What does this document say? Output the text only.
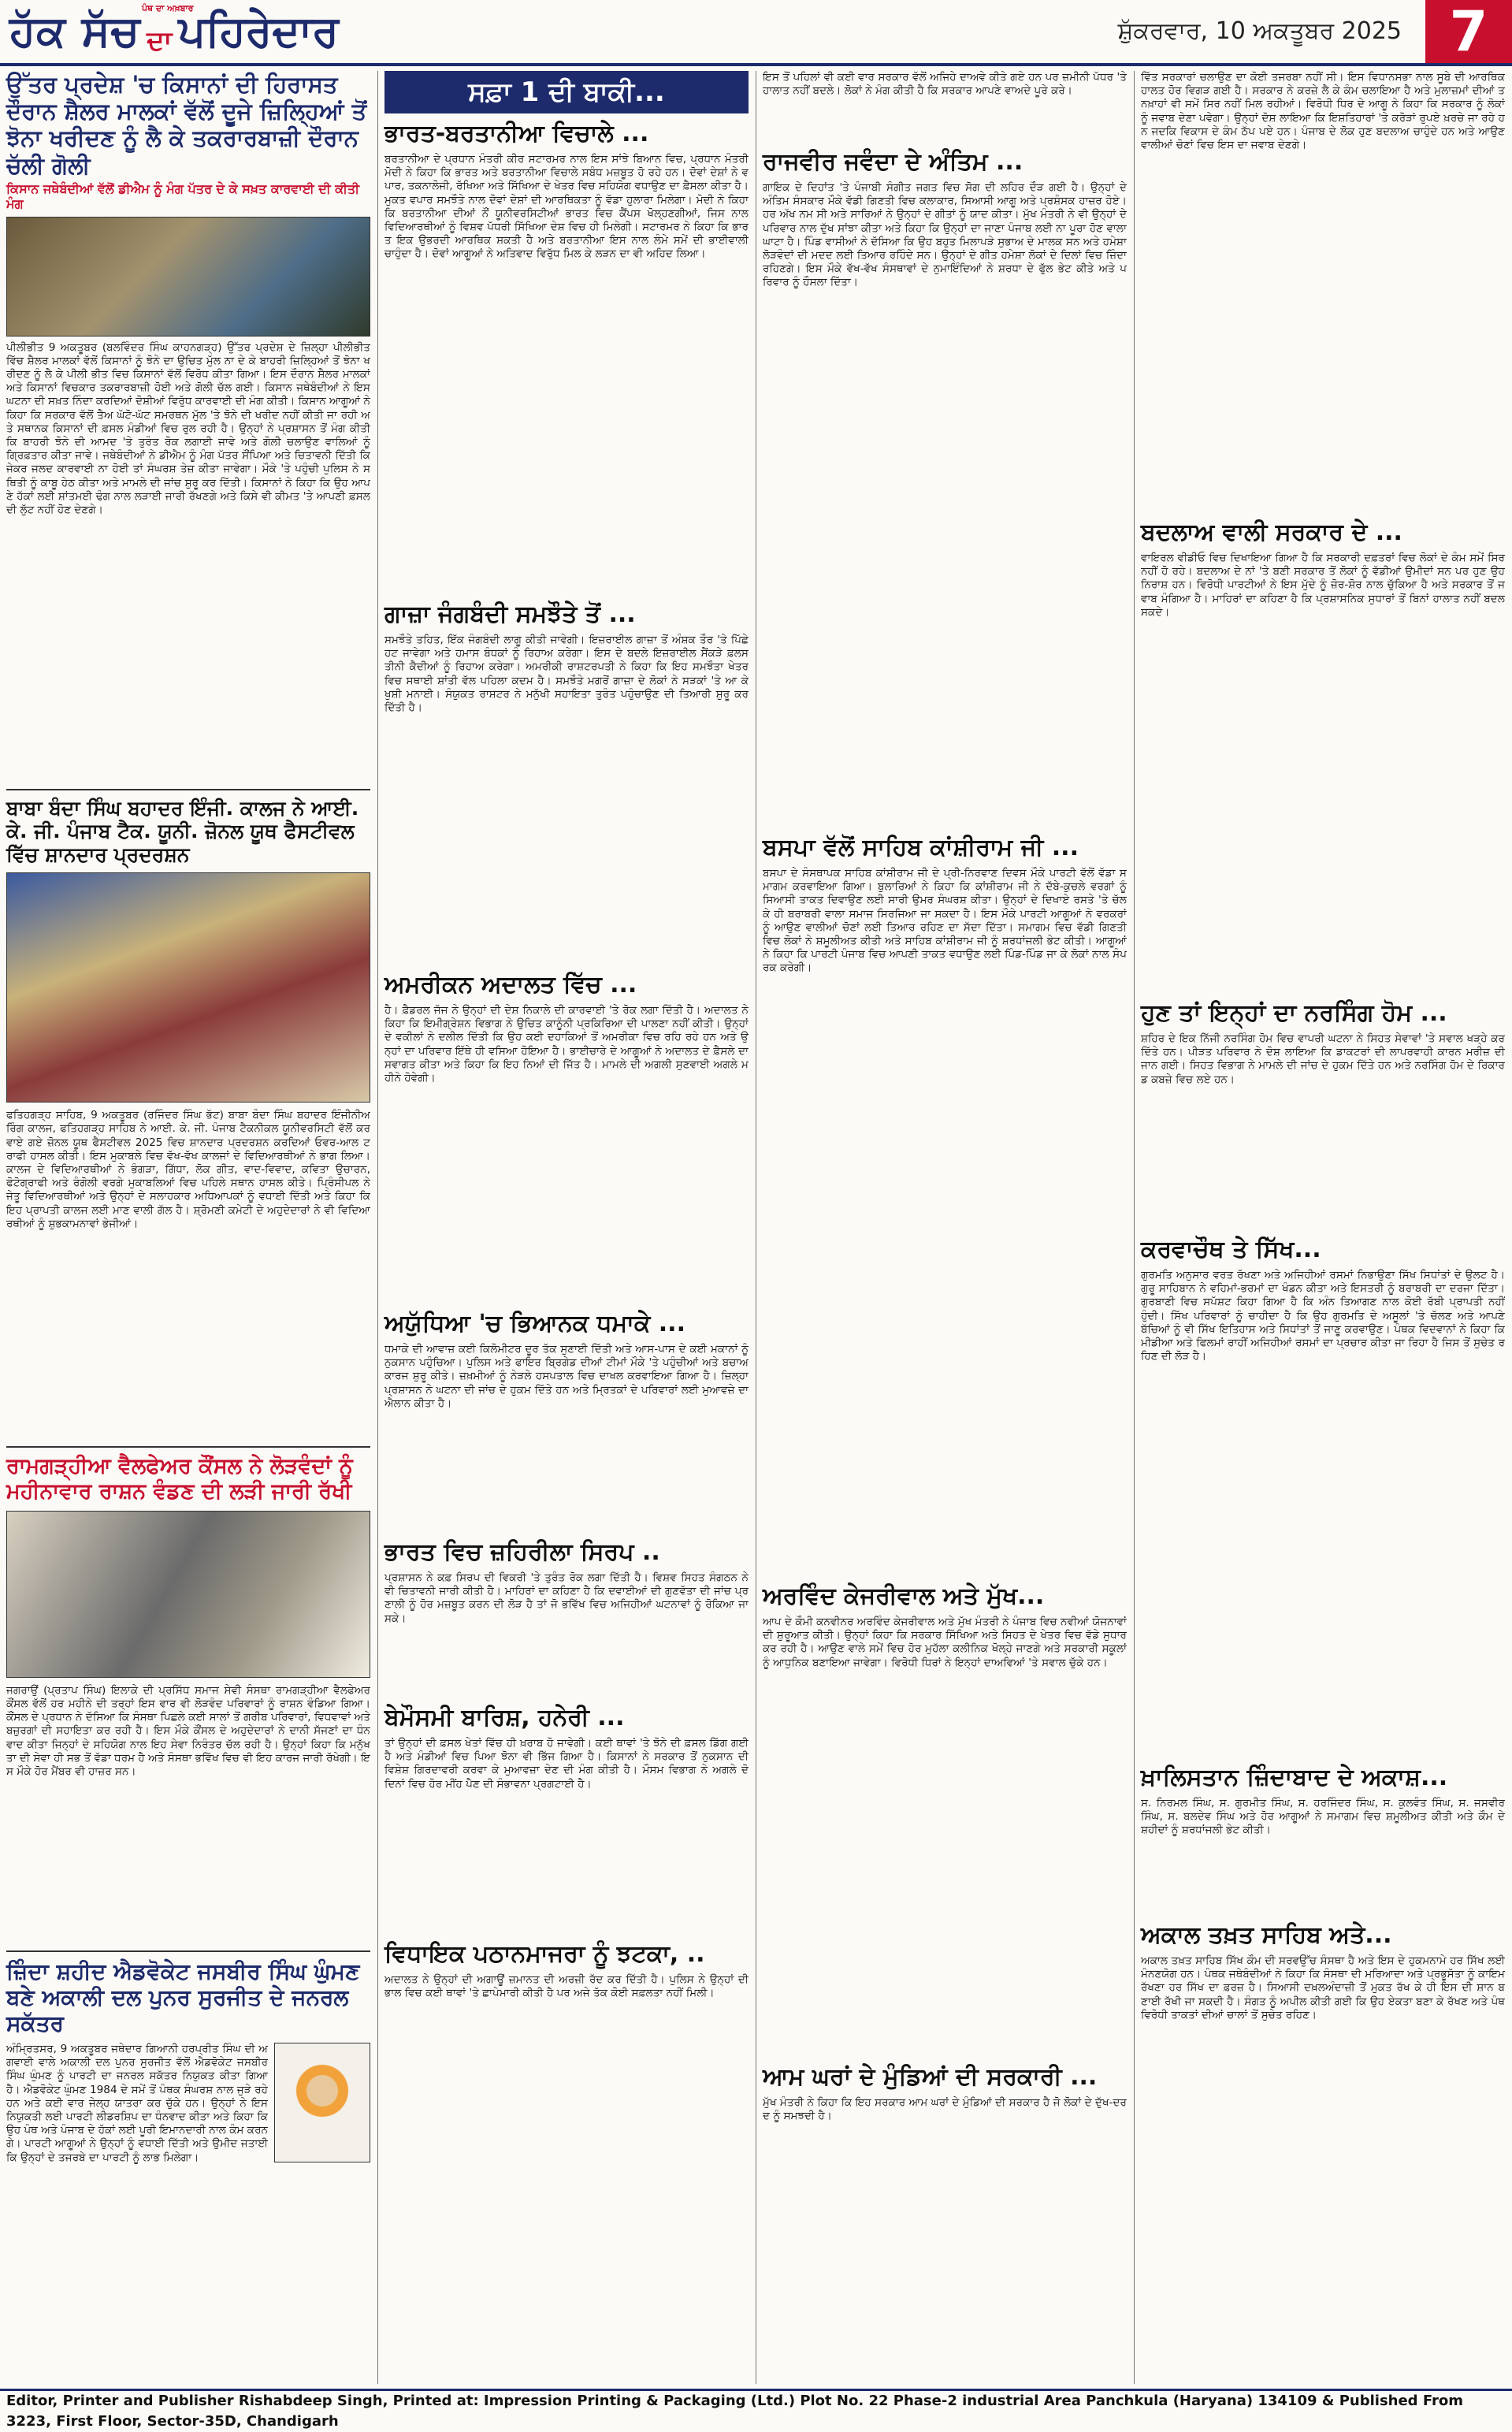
ਹੱਕ ਸੱਚ ਦਾ ਪਹਿਰੇਦਾਰ
ਪੰਥ ਦਾ ਅਖ਼ਬਾਰ
ਸ਼ੁੱਕਰਵਾਰ, 10 ਅਕਤੂਬਰ 2025 7
ਉੱਤਰ ਪ੍ਰਦੇਸ਼ 'ਚ ਕਿਸਾਨਾਂ ਦੀ ਹਿਰਾਸਤ ਦੌਰਾਨ ਸ਼ੈਲਰ ਮਾਲਕਾਂ ਵੱਲੋਂ ਦੂਜੇ ਜ਼ਿਲ੍ਹਿਆਂ ਤੋਂ ਝੋਨਾ ਖਰੀਦਣ ਨੂੰ ਲੈ ਕੇ ਤਕਰਾਰਬਾਜ਼ੀ ਦੌਰਾਨ ਚੱਲੀ ਗੋਲੀ
ਕਿਸਾਨ ਜਥੇਬੰਦੀਆਂ ਵੱਲੋਂ ਡੀਐਮ ਨੂੰ ਮੰਗ ਪੱਤਰ ਦੇ ਕੇ ਸਖ਼ਤ ਕਾਰਵਾਈ ਦੀ ਕੀਤੀ ਮੰਗ
ਪੀਲੀਭੀਤ 9 ਅਕਤੂਬਰ (ਬਲਵਿੰਦਰ ਸਿੰਘ ਕਾਹਨਗੜ੍ਹ) ਉੱਤਰ ਪ੍ਰਦੇਸ਼ ਦੇ ਜ਼ਿਲ੍ਹਾ ਪੀਲੀਭੀਤ ਵਿੱਚ ਸ਼ੈਲਰ ਮਾਲਕਾਂ ਵੱਲੋਂ ਕਿਸਾਨਾਂ ਨੂੰ ਝੋਨੇ ਦਾ ਉਚਿਤ ਮੁੱਲ ਨਾ ਦੇ ਕੇ ਬਾਹਰੀ ਜ਼ਿਲ੍ਹਿਆਂ ਤੋਂ ਝੋਨਾ ਖਰੀਦਣ ਨੂੰ ਲੈ ਕੇ ਪੀਲੀ ਭੀਤ ਵਿਚ ਕਿਸਾਨਾਂ ਵੱਲੋਂ ਵਿਰੋਧ ਕੀਤਾ ਗਿਆ। ਇਸ ਦੌਰਾਨ ਸ਼ੈਲਰ ਮਾਲਕਾਂ ਅਤੇ ਕਿਸਾਨਾਂ ਵਿਚਕਾਰ ਤਕਰਾਰਬਾਜ਼ੀ ਹੋਈ ਅਤੇ ਗੋਲੀ ਚੱਲ ਗਈ। ਕਿਸਾਨ ਜਥੇਬੰਦੀਆਂ ਨੇ ਇਸ ਘਟਨਾ ਦੀ ਸਖ਼ਤ ਨਿੰਦਾ ਕਰਦਿਆਂ ਦੋਸ਼ੀਆਂ ਵਿਰੁੱਧ ਕਾਰਵਾਈ ਦੀ ਮੰਗ ਕੀਤੀ। ਕਿਸਾਨ ਆਗੂਆਂ ਨੇ ਕਿਹਾ ਕਿ ਸਰਕਾਰ ਵੱਲੋਂ ਤੈਅ ਘੱਟੋ-ਘੱਟ ਸਮਰਥਨ ਮੁੱਲ 'ਤੇ ਝੋਨੇ ਦੀ ਖਰੀਦ ਨਹੀਂ ਕੀਤੀ ਜਾ ਰਹੀ ਅਤੇ ਸਥਾਨਕ ਕਿਸਾਨਾਂ ਦੀ ਫ਼ਸਲ ਮੰਡੀਆਂ ਵਿਚ ਰੁਲ ਰਹੀ ਹੈ। ਉਨ੍ਹਾਂ ਨੇ ਪ੍ਰਸ਼ਾਸਨ ਤੋਂ ਮੰਗ ਕੀਤੀ ਕਿ ਬਾਹਰੀ ਝੋਨੇ ਦੀ ਆਮਦ 'ਤੇ ਤੁਰੰਤ ਰੋਕ ਲਗਾਈ ਜਾਵੇ ਅਤੇ ਗੋਲੀ ਚਲਾਉਣ ਵਾਲਿਆਂ ਨੂੰ ਗ੍ਰਿਫ਼ਤਾਰ ਕੀਤਾ ਜਾਵੇ। ਜਥੇਬੰਦੀਆਂ ਨੇ ਡੀਐਮ ਨੂੰ ਮੰਗ ਪੱਤਰ ਸੌਂਪਿਆ ਅਤੇ ਚਿਤਾਵਨੀ ਦਿੱਤੀ ਕਿ ਜੇਕਰ ਜਲਦ ਕਾਰਵਾਈ ਨਾ ਹੋਈ ਤਾਂ ਸੰਘਰਸ਼ ਤੇਜ਼ ਕੀਤਾ ਜਾਵੇਗਾ। ਮੌਕੇ 'ਤੇ ਪਹੁੰਚੀ ਪੁਲਿਸ ਨੇ ਸਥਿਤੀ ਨੂੰ ਕਾਬੂ ਹੇਠ ਕੀਤਾ ਅਤੇ ਮਾਮਲੇ ਦੀ ਜਾਂਚ ਸ਼ੁਰੂ ਕਰ ਦਿੱਤੀ। ਕਿਸਾਨਾਂ ਨੇ ਕਿਹਾ ਕਿ ਉਹ ਆਪਣੇ ਹੱਕਾਂ ਲਈ ਸ਼ਾਂਤਮਈ ਢੰਗ ਨਾਲ ਲੜਾਈ ਜਾਰੀ ਰੱਖਣਗੇ ਅਤੇ ਕਿਸੇ ਵੀ ਕੀਮਤ 'ਤੇ ਆਪਣੀ ਫ਼ਸਲ ਦੀ ਲੁੱਟ ਨਹੀਂ ਹੋਣ ਦੇਣਗੇ।
ਬਾਬਾ ਬੰਦਾ ਸਿੰਘ ਬਹਾਦਰ ਇੰਜੀ. ਕਾਲਜ ਨੇ ਆਈ. ਕੇ. ਜੀ. ਪੰਜਾਬ ਟੈਕ. ਯੂਨੀ. ਜ਼ੋਨਲ ਯੂਥ ਫੈਸਟੀਵਲ ਵਿੱਚ ਸ਼ਾਨਦਾਰ ਪ੍ਰਦਰਸ਼ਨ
ਫਤਿਹਗੜ੍ਹ ਸਾਹਿਬ, 9 ਅਕਤੂਬਰ (ਰਜਿੰਦਰ ਸਿੰਘ ਭੱਟ) ਬਾਬਾ ਬੰਦਾ ਸਿੰਘ ਬਹਾਦਰ ਇੰਜੀਨੀਅਰਿੰਗ ਕਾਲਜ, ਫਤਿਹਗੜ੍ਹ ਸਾਹਿਬ ਨੇ ਆਈ. ਕੇ. ਜੀ. ਪੰਜਾਬ ਟੈਕਨੀਕਲ ਯੂਨੀਵਰਸਿਟੀ ਵੱਲੋਂ ਕਰਵਾਏ ਗਏ ਜ਼ੋਨਲ ਯੂਥ ਫੈਸਟੀਵਲ 2025 ਵਿਚ ਸ਼ਾਨਦਾਰ ਪ੍ਰਦਰਸ਼ਨ ਕਰਦਿਆਂ ਓਵਰ-ਆਲ ਟਰਾਫੀ ਹਾਸਲ ਕੀਤੀ। ਇਸ ਮੁਕਾਬਲੇ ਵਿਚ ਵੱਖ-ਵੱਖ ਕਾਲਜਾਂ ਦੇ ਵਿਦਿਆਰਥੀਆਂ ਨੇ ਭਾਗ ਲਿਆ। ਕਾਲਜ ਦੇ ਵਿਦਿਆਰਥੀਆਂ ਨੇ ਭੰਗੜਾ, ਗਿੱਧਾ, ਲੋਕ ਗੀਤ, ਵਾਦ-ਵਿਵਾਦ, ਕਵਿਤਾ ਉਚਾਰਨ, ਫੋਟੋਗ੍ਰਾਫੀ ਅਤੇ ਰੰਗੋਲੀ ਵਰਗੇ ਮੁਕਾਬਲਿਆਂ ਵਿਚ ਪਹਿਲੇ ਸਥਾਨ ਹਾਸਲ ਕੀਤੇ। ਪ੍ਰਿੰਸੀਪਲ ਨੇ ਜੇਤੂ ਵਿਦਿਆਰਥੀਆਂ ਅਤੇ ਉਨ੍ਹਾਂ ਦੇ ਸਲਾਹਕਾਰ ਅਧਿਆਪਕਾਂ ਨੂੰ ਵਧਾਈ ਦਿੱਤੀ ਅਤੇ ਕਿਹਾ ਕਿ ਇਹ ਪ੍ਰਾਪਤੀ ਕਾਲਜ ਲਈ ਮਾਣ ਵਾਲੀ ਗੱਲ ਹੈ। ਸ਼੍ਰੋਮਣੀ ਕਮੇਟੀ ਦੇ ਅਹੁਦੇਦਾਰਾਂ ਨੇ ਵੀ ਵਿਦਿਆਰਥੀਆਂ ਨੂੰ ਸ਼ੁਭਕਾਮਨਾਵਾਂ ਭੇਜੀਆਂ।
ਰਾਮਗੜ੍ਹੀਆ ਵੈਲਫੇਅਰ ਕੌਂਸਲ ਨੇ ਲੋੜਵੰਦਾਂ ਨੂੰ ਮਹੀਨਾਵਾਰ ਰਾਸ਼ਨ ਵੰਡਣ ਦੀ ਲੜੀ ਜਾਰੀ ਰੱਖੀ
ਜਗਰਾਉਂ (ਪ੍ਰਤਾਪ ਸਿੰਘ) ਇਲਾਕੇ ਦੀ ਪ੍ਰਸਿੱਧ ਸਮਾਜ ਸੇਵੀ ਸੰਸਥਾ ਰਾਮਗੜ੍ਹੀਆ ਵੈਲਫੇਅਰ ਕੌਂਸਲ ਵੱਲੋਂ ਹਰ ਮਹੀਨੇ ਦੀ ਤਰ੍ਹਾਂ ਇਸ ਵਾਰ ਵੀ ਲੋੜਵੰਦ ਪਰਿਵਾਰਾਂ ਨੂੰ ਰਾਸ਼ਨ ਵੰਡਿਆ ਗਿਆ। ਕੌਂਸਲ ਦੇ ਪ੍ਰਧਾਨ ਨੇ ਦੱਸਿਆ ਕਿ ਸੰਸਥਾ ਪਿਛਲੇ ਕਈ ਸਾਲਾਂ ਤੋਂ ਗਰੀਬ ਪਰਿਵਾਰਾਂ, ਵਿਧਵਾਵਾਂ ਅਤੇ ਬਜ਼ੁਰਗਾਂ ਦੀ ਸਹਾਇਤਾ ਕਰ ਰਹੀ ਹੈ। ਇਸ ਮੌਕੇ ਕੌਂਸਲ ਦੇ ਅਹੁਦੇਦਾਰਾਂ ਨੇ ਦਾਨੀ ਸੱਜਣਾਂ ਦਾ ਧੰਨਵਾਦ ਕੀਤਾ ਜਿਨ੍ਹਾਂ ਦੇ ਸਹਿਯੋਗ ਨਾਲ ਇਹ ਸੇਵਾ ਨਿਰੰਤਰ ਚੱਲ ਰਹੀ ਹੈ। ਉਨ੍ਹਾਂ ਕਿਹਾ ਕਿ ਮਨੁੱਖਤਾ ਦੀ ਸੇਵਾ ਹੀ ਸਭ ਤੋਂ ਵੱਡਾ ਧਰਮ ਹੈ ਅਤੇ ਸੰਸਥਾ ਭਵਿੱਖ ਵਿਚ ਵੀ ਇਹ ਕਾਰਜ ਜਾਰੀ ਰੱਖੇਗੀ। ਇਸ ਮੌਕੇ ਹੋਰ ਮੈਂਬਰ ਵੀ ਹਾਜ਼ਰ ਸਨ।
ਜ਼ਿੰਦਾ ਸ਼ਹੀਦ ਐਡਵੋਕੇਟ ਜਸਬੀਰ ਸਿੰਘ ਘੁੰਮਣ ਬਣੇ ਅਕਾਲੀ ਦਲ ਪੁਨਰ ਸੁਰਜੀਤ ਦੇ ਜਨਰਲ ਸਕੱਤਰ
ਅੰਮ੍ਰਿਤਸਰ, 9 ਅਕਤੂਬਰ ਜਥੇਦਾਰ ਗਿਆਨੀ ਹਰਪ੍ਰੀਤ ਸਿੰਘ ਦੀ ਅਗਵਾਈ ਵਾਲੇ ਅਕਾਲੀ ਦਲ ਪੁਨਰ ਸੁਰਜੀਤ ਵੱਲੋਂ ਐਡਵੋਕੇਟ ਜਸਬੀਰ ਸਿੰਘ ਘੁੰਮਣ ਨੂੰ ਪਾਰਟੀ ਦਾ ਜਨਰਲ ਸਕੱਤਰ ਨਿਯੁਕਤ ਕੀਤਾ ਗਿਆ ਹੈ। ਐਡਵੋਕੇਟ ਘੁੰਮਣ 1984 ਦੇ ਸਮੇਂ ਤੋਂ ਪੰਥਕ ਸੰਘਰਸ਼ ਨਾਲ ਜੁੜੇ ਰਹੇ ਹਨ ਅਤੇ ਕਈ ਵਾਰ ਜੇਲ੍ਹ ਯਾਤਰਾ ਕਰ ਚੁੱਕੇ ਹਨ। ਉਨ੍ਹਾਂ ਨੇ ਇਸ ਨਿਯੁਕਤੀ ਲਈ ਪਾਰਟੀ ਲੀਡਰਸ਼ਿਪ ਦਾ ਧੰਨਵਾਦ ਕੀਤਾ ਅਤੇ ਕਿਹਾ ਕਿ ਉਹ ਪੰਥ ਅਤੇ ਪੰਜਾਬ ਦੇ ਹੱਕਾਂ ਲਈ ਪੂਰੀ ਇਮਾਨਦਾਰੀ ਨਾਲ ਕੰਮ ਕਰਨਗੇ। ਪਾਰਟੀ ਆਗੂਆਂ ਨੇ ਉਨ੍ਹਾਂ ਨੂੰ ਵਧਾਈ ਦਿੱਤੀ ਅਤੇ ਉਮੀਦ ਜਤਾਈ ਕਿ ਉਨ੍ਹਾਂ ਦੇ ਤਜਰਬੇ ਦਾ ਪਾਰਟੀ ਨੂੰ ਲਾਭ ਮਿਲੇਗਾ।
ਸਫ਼ਾ 1 ਦੀ ਬਾਕੀ...
ਭਾਰਤ-ਬਰਤਾਨੀਆ ਵਿਚਾਲੇ ...
ਬਰਤਾਨੀਆ ਦੇ ਪ੍ਰਧਾਨ ਮੰਤਰੀ ਕੀਰ ਸਟਾਰਮਰ ਨਾਲ ਇਸ ਸਾਂਝੇ ਬਿਆਨ ਵਿਚ, ਪ੍ਰਧਾਨ ਮੰਤਰੀ ਮੋਦੀ ਨੇ ਕਿਹਾ ਕਿ ਭਾਰਤ ਅਤੇ ਬਰਤਾਨੀਆ ਵਿਚਾਲੇ ਸਬੰਧ ਮਜ਼ਬੂਤ ਹੋ ਰਹੇ ਹਨ। ਦੋਵਾਂ ਦੇਸ਼ਾਂ ਨੇ ਵਪਾਰ, ਤਕਨਾਲੋਜੀ, ਰੱਖਿਆ ਅਤੇ ਸਿੱਖਿਆ ਦੇ ਖੇਤਰ ਵਿਚ ਸਹਿਯੋਗ ਵਧਾਉਣ ਦਾ ਫ਼ੈਸਲਾ ਕੀਤਾ ਹੈ। ਮੁਕਤ ਵਪਾਰ ਸਮਝੌਤੇ ਨਾਲ ਦੋਵਾਂ ਦੇਸ਼ਾਂ ਦੀ ਆਰਥਿਕਤਾ ਨੂੰ ਵੱਡਾ ਹੁਲਾਰਾ ਮਿਲੇਗਾ। ਮੋਦੀ ਨੇ ਕਿਹਾ ਕਿ ਬਰਤਾਨੀਆ ਦੀਆਂ ਨੌਂ ਯੂਨੀਵਰਸਿਟੀਆਂ ਭਾਰਤ ਵਿਚ ਕੈਂਪਸ ਖੋਲ੍ਹਣਗੀਆਂ, ਜਿਸ ਨਾਲ ਵਿਦਿਆਰਥੀਆਂ ਨੂੰ ਵਿਸ਼ਵ ਪੱਧਰੀ ਸਿੱਖਿਆ ਦੇਸ਼ ਵਿਚ ਹੀ ਮਿਲੇਗੀ। ਸਟਾਰਮਰ ਨੇ ਕਿਹਾ ਕਿ ਭਾਰਤ ਇਕ ਉਭਰਦੀ ਆਰਥਿਕ ਸ਼ਕਤੀ ਹੈ ਅਤੇ ਬਰਤਾਨੀਆ ਇਸ ਨਾਲ ਲੰਮੇ ਸਮੇਂ ਦੀ ਭਾਈਵਾਲੀ ਚਾਹੁੰਦਾ ਹੈ। ਦੋਵਾਂ ਆਗੂਆਂ ਨੇ ਅਤਿਵਾਦ ਵਿਰੁੱਧ ਮਿਲ ਕੇ ਲੜਨ ਦਾ ਵੀ ਅਹਿਦ ਲਿਆ।
ਗਾਜ਼ਾ ਜੰਗਬੰਦੀ ਸਮਝੌਤੇ ਤੋਂ ...
ਸਮਝੌਤੇ ਤਹਿਤ, ਇੱਕ ਜੰਗਬੰਦੀ ਲਾਗੂ ਕੀਤੀ ਜਾਵੇਗੀ। ਇਜ਼ਰਾਈਲ ਗਾਜ਼ਾ ਤੋਂ ਅੰਸ਼ਕ ਤੌਰ 'ਤੇ ਪਿੱਛੇ ਹਟ ਜਾਵੇਗਾ ਅਤੇ ਹਮਾਸ ਬੰਧਕਾਂ ਨੂੰ ਰਿਹਾਅ ਕਰੇਗਾ। ਇਸ ਦੇ ਬਦਲੇ ਇਜ਼ਰਾਈਲ ਸੈਂਕੜੇ ਫ਼ਲਸਤੀਨੀ ਕੈਦੀਆਂ ਨੂੰ ਰਿਹਾਅ ਕਰੇਗਾ। ਅਮਰੀਕੀ ਰਾਸ਼ਟਰਪਤੀ ਨੇ ਕਿਹਾ ਕਿ ਇਹ ਸਮਝੌਤਾ ਖੇਤਰ ਵਿਚ ਸਥਾਈ ਸ਼ਾਂਤੀ ਵੱਲ ਪਹਿਲਾ ਕਦਮ ਹੈ। ਸਮਝੌਤੇ ਮਗਰੋਂ ਗਾਜ਼ਾ ਦੇ ਲੋਕਾਂ ਨੇ ਸੜਕਾਂ 'ਤੇ ਆ ਕੇ ਖੁਸ਼ੀ ਮਨਾਈ। ਸੰਯੁਕਤ ਰਾਸ਼ਟਰ ਨੇ ਮਨੁੱਖੀ ਸਹਾਇਤਾ ਤੁਰੰਤ ਪਹੁੰਚਾਉਣ ਦੀ ਤਿਆਰੀ ਸ਼ੁਰੂ ਕਰ ਦਿੱਤੀ ਹੈ।
ਅਮਰੀਕਨ ਅਦਾਲਤ ਵਿੱਚ ...
ਹੈ। ਫ਼ੈਡਰਲ ਜੱਜ ਨੇ ਉਨ੍ਹਾਂ ਦੀ ਦੇਸ਼ ਨਿਕਾਲੇ ਦੀ ਕਾਰਵਾਈ 'ਤੇ ਰੋਕ ਲਗਾ ਦਿੱਤੀ ਹੈ। ਅਦਾਲਤ ਨੇ ਕਿਹਾ ਕਿ ਇਮੀਗ੍ਰੇਸ਼ਨ ਵਿਭਾਗ ਨੇ ਉਚਿਤ ਕਾਨੂੰਨੀ ਪ੍ਰਕਿਰਿਆ ਦੀ ਪਾਲਣਾ ਨਹੀਂ ਕੀਤੀ। ਉਨ੍ਹਾਂ ਦੇ ਵਕੀਲਾਂ ਨੇ ਦਲੀਲ ਦਿੱਤੀ ਕਿ ਉਹ ਕਈ ਦਹਾਕਿਆਂ ਤੋਂ ਅਮਰੀਕਾ ਵਿਚ ਰਹਿ ਰਹੇ ਹਨ ਅਤੇ ਉਨ੍ਹਾਂ ਦਾ ਪਰਿਵਾਰ ਇੱਥੇ ਹੀ ਵਸਿਆ ਹੋਇਆ ਹੈ। ਭਾਈਚਾਰੇ ਦੇ ਆਗੂਆਂ ਨੇ ਅਦਾਲਤ ਦੇ ਫ਼ੈਸਲੇ ਦਾ ਸਵਾਗਤ ਕੀਤਾ ਅਤੇ ਕਿਹਾ ਕਿ ਇਹ ਨਿਆਂ ਦੀ ਜਿੱਤ ਹੈ। ਮਾਮਲੇ ਦੀ ਅਗਲੀ ਸੁਣਵਾਈ ਅਗਲੇ ਮਹੀਨੇ ਹੋਵੇਗੀ।
ਅਯੁੱਧਿਆ 'ਚ ਭਿਆਨਕ ਧਮਾਕੇ ...
ਧਮਾਕੇ ਦੀ ਆਵਾਜ਼ ਕਈ ਕਿਲੋਮੀਟਰ ਦੂਰ ਤੱਕ ਸੁਣਾਈ ਦਿੱਤੀ ਅਤੇ ਆਸ-ਪਾਸ ਦੇ ਕਈ ਮਕਾਨਾਂ ਨੂੰ ਨੁਕਸਾਨ ਪਹੁੰਚਿਆ। ਪੁਲਿਸ ਅਤੇ ਫਾਇਰ ਬ੍ਰਿਗੇਡ ਦੀਆਂ ਟੀਮਾਂ ਮੌਕੇ 'ਤੇ ਪਹੁੰਚੀਆਂ ਅਤੇ ਬਚਾਅ ਕਾਰਜ ਸ਼ੁਰੂ ਕੀਤੇ। ਜ਼ਖ਼ਮੀਆਂ ਨੂੰ ਨੇੜਲੇ ਹਸਪਤਾਲ ਵਿਚ ਦਾਖਲ ਕਰਵਾਇਆ ਗਿਆ ਹੈ। ਜ਼ਿਲ੍ਹਾ ਪ੍ਰਸ਼ਾਸਨ ਨੇ ਘਟਨਾ ਦੀ ਜਾਂਚ ਦੇ ਹੁਕਮ ਦਿੱਤੇ ਹਨ ਅਤੇ ਮ੍ਰਿਤਕਾਂ ਦੇ ਪਰਿਵਾਰਾਂ ਲਈ ਮੁਆਵਜ਼ੇ ਦਾ ਐਲਾਨ ਕੀਤਾ ਹੈ।
ਭਾਰਤ ਵਿਚ ਜ਼ਹਿਰੀਲਾ ਸਿਰਪ ..
ਪ੍ਰਸ਼ਾਸਨ ਨੇ ਕਫ਼ ਸਿਰਪ ਦੀ ਵਿਕਰੀ 'ਤੇ ਤੁਰੰਤ ਰੋਕ ਲਗਾ ਦਿੱਤੀ ਹੈ। ਵਿਸ਼ਵ ਸਿਹਤ ਸੰਗਠਨ ਨੇ ਵੀ ਚਿਤਾਵਨੀ ਜਾਰੀ ਕੀਤੀ ਹੈ। ਮਾਹਿਰਾਂ ਦਾ ਕਹਿਣਾ ਹੈ ਕਿ ਦਵਾਈਆਂ ਦੀ ਗੁਣਵੱਤਾ ਦੀ ਜਾਂਚ ਪ੍ਰਣਾਲੀ ਨੂੰ ਹੋਰ ਮਜ਼ਬੂਤ ਕਰਨ ਦੀ ਲੋੜ ਹੈ ਤਾਂ ਜੋ ਭਵਿੱਖ ਵਿਚ ਅਜਿਹੀਆਂ ਘਟਨਾਵਾਂ ਨੂੰ ਰੋਕਿਆ ਜਾ ਸਕੇ।
ਬੇਮੌਸਮੀ ਬਾਰਿਸ਼, ਹਨੇਰੀ ...
ਤਾਂ ਉਨ੍ਹਾਂ ਦੀ ਫ਼ਸਲ ਖੇਤਾਂ ਵਿੱਚ ਹੀ ਖ਼ਰਾਬ ਹੋ ਜਾਵੇਗੀ। ਕਈ ਥਾਵਾਂ 'ਤੇ ਝੋਨੇ ਦੀ ਫ਼ਸਲ ਡਿੱਗ ਗਈ ਹੈ ਅਤੇ ਮੰਡੀਆਂ ਵਿਚ ਪਿਆ ਝੋਨਾ ਵੀ ਭਿੱਜ ਗਿਆ ਹੈ। ਕਿਸਾਨਾਂ ਨੇ ਸਰਕਾਰ ਤੋਂ ਨੁਕਸਾਨ ਦੀ ਵਿਸ਼ੇਸ਼ ਗਿਰਦਾਵਰੀ ਕਰਵਾ ਕੇ ਮੁਆਵਜ਼ਾ ਦੇਣ ਦੀ ਮੰਗ ਕੀਤੀ ਹੈ। ਮੌਸਮ ਵਿਭਾਗ ਨੇ ਅਗਲੇ ਦੋ ਦਿਨਾਂ ਵਿਚ ਹੋਰ ਮੀਂਹ ਪੈਣ ਦੀ ਸੰਭਾਵਨਾ ਪ੍ਰਗਟਾਈ ਹੈ।
ਵਿਧਾਇਕ ਪਠਾਨਮਾਜਰਾ ਨੂੰ ਝਟਕਾ, ..
ਅਦਾਲਤ ਨੇ ਉਨ੍ਹਾਂ ਦੀ ਅਗਾਊਂ ਜ਼ਮਾਨਤ ਦੀ ਅਰਜ਼ੀ ਰੱਦ ਕਰ ਦਿੱਤੀ ਹੈ। ਪੁਲਿਸ ਨੇ ਉਨ੍ਹਾਂ ਦੀ ਭਾਲ ਵਿਚ ਕਈ ਥਾਵਾਂ 'ਤੇ ਛਾਪੇਮਾਰੀ ਕੀਤੀ ਹੈ ਪਰ ਅਜੇ ਤੱਕ ਕੋਈ ਸਫ਼ਲਤਾ ਨਹੀਂ ਮਿਲੀ।
ਇਸ ਤੋਂ ਪਹਿਲਾਂ ਵੀ ਕਈ ਵਾਰ ਸਰਕਾਰ ਵੱਲੋਂ ਅਜਿਹੇ ਦਾਅਵੇ ਕੀਤੇ ਗਏ ਹਨ ਪਰ ਜ਼ਮੀਨੀ ਪੱਧਰ 'ਤੇ ਹਾਲਾਤ ਨਹੀਂ ਬਦਲੇ। ਲੋਕਾਂ ਨੇ ਮੰਗ ਕੀਤੀ ਹੈ ਕਿ ਸਰਕਾਰ ਆਪਣੇ ਵਾਅਦੇ ਪੂਰੇ ਕਰੇ।
ਰਾਜਵੀਰ ਜਵੰਦਾ ਦੇ ਅੰਤਿਮ ...
ਗਾਇਕ ਦੇ ਦਿਹਾਂਤ 'ਤੇ ਪੰਜਾਬੀ ਸੰਗੀਤ ਜਗਤ ਵਿਚ ਸੋਗ ਦੀ ਲਹਿਰ ਦੌੜ ਗਈ ਹੈ। ਉਨ੍ਹਾਂ ਦੇ ਅੰਤਿਮ ਸੰਸਕਾਰ ਮੌਕੇ ਵੱਡੀ ਗਿਣਤੀ ਵਿਚ ਕਲਾਕਾਰ, ਸਿਆਸੀ ਆਗੂ ਅਤੇ ਪ੍ਰਸ਼ੰਸਕ ਹਾਜ਼ਰ ਹੋਏ। ਹਰ ਅੱਖ ਨਮ ਸੀ ਅਤੇ ਸਾਰਿਆਂ ਨੇ ਉਨ੍ਹਾਂ ਦੇ ਗੀਤਾਂ ਨੂੰ ਯਾਦ ਕੀਤਾ। ਮੁੱਖ ਮੰਤਰੀ ਨੇ ਵੀ ਉਨ੍ਹਾਂ ਦੇ ਪਰਿਵਾਰ ਨਾਲ ਦੁੱਖ ਸਾਂਝਾ ਕੀਤਾ ਅਤੇ ਕਿਹਾ ਕਿ ਉਨ੍ਹਾਂ ਦਾ ਜਾਣਾ ਪੰਜਾਬ ਲਈ ਨਾ ਪੂਰਾ ਹੋਣ ਵਾਲਾ ਘਾਟਾ ਹੈ। ਪਿੰਡ ਵਾਸੀਆਂ ਨੇ ਦੱਸਿਆ ਕਿ ਉਹ ਬਹੁਤ ਮਿਲਾਪੜੇ ਸੁਭਾਅ ਦੇ ਮਾਲਕ ਸਨ ਅਤੇ ਹਮੇਸ਼ਾ ਲੋੜਵੰਦਾਂ ਦੀ ਮਦਦ ਲਈ ਤਿਆਰ ਰਹਿੰਦੇ ਸਨ। ਉਨ੍ਹਾਂ ਦੇ ਗੀਤ ਹਮੇਸ਼ਾ ਲੋਕਾਂ ਦੇ ਦਿਲਾਂ ਵਿਚ ਜ਼ਿੰਦਾ ਰਹਿਣਗੇ। ਇਸ ਮੌਕੇ ਵੱਖ-ਵੱਖ ਸੰਸਥਾਵਾਂ ਦੇ ਨੁਮਾਇੰਦਿਆਂ ਨੇ ਸ਼ਰਧਾ ਦੇ ਫੁੱਲ ਭੇਟ ਕੀਤੇ ਅਤੇ ਪਰਿਵਾਰ ਨੂੰ ਹੌਸਲਾ ਦਿੱਤਾ।
ਬਸਪਾ ਵੱਲੋਂ ਸਾਹਿਬ ਕਾਂਸ਼ੀਰਾਮ ਜੀ ...
ਬਸਪਾ ਦੇ ਸੰਸਥਾਪਕ ਸਾਹਿਬ ਕਾਂਸ਼ੀਰਾਮ ਜੀ ਦੇ ਪ੍ਰੀ-ਨਿਰਵਾਣ ਦਿਵਸ ਮੌਕੇ ਪਾਰਟੀ ਵੱਲੋਂ ਵੱਡਾ ਸਮਾਗਮ ਕਰਵਾਇਆ ਗਿਆ। ਬੁਲਾਰਿਆਂ ਨੇ ਕਿਹਾ ਕਿ ਕਾਂਸ਼ੀਰਾਮ ਜੀ ਨੇ ਦੱਬੇ-ਕੁਚਲੇ ਵਰਗਾਂ ਨੂੰ ਸਿਆਸੀ ਤਾਕਤ ਦਿਵਾਉਣ ਲਈ ਸਾਰੀ ਉਮਰ ਸੰਘਰਸ਼ ਕੀਤਾ। ਉਨ੍ਹਾਂ ਦੇ ਦਿਖਾਏ ਰਸਤੇ 'ਤੇ ਚੱਲ ਕੇ ਹੀ ਬਰਾਬਰੀ ਵਾਲਾ ਸਮਾਜ ਸਿਰਜਿਆ ਜਾ ਸਕਦਾ ਹੈ। ਇਸ ਮੌਕੇ ਪਾਰਟੀ ਆਗੂਆਂ ਨੇ ਵਰਕਰਾਂ ਨੂੰ ਆਉਣ ਵਾਲੀਆਂ ਚੋਣਾਂ ਲਈ ਤਿਆਰ ਰਹਿਣ ਦਾ ਸੱਦਾ ਦਿੱਤਾ। ਸਮਾਗਮ ਵਿਚ ਵੱਡੀ ਗਿਣਤੀ ਵਿਚ ਲੋਕਾਂ ਨੇ ਸ਼ਮੂਲੀਅਤ ਕੀਤੀ ਅਤੇ ਸਾਹਿਬ ਕਾਂਸ਼ੀਰਾਮ ਜੀ ਨੂੰ ਸ਼ਰਧਾਂਜਲੀ ਭੇਟ ਕੀਤੀ। ਆਗੂਆਂ ਨੇ ਕਿਹਾ ਕਿ ਪਾਰਟੀ ਪੰਜਾਬ ਵਿਚ ਆਪਣੀ ਤਾਕਤ ਵਧਾਉਣ ਲਈ ਪਿੰਡ-ਪਿੰਡ ਜਾ ਕੇ ਲੋਕਾਂ ਨਾਲ ਸੰਪਰਕ ਕਰੇਗੀ।
ਅਰਵਿੰਦ ਕੇਜਰੀਵਾਲ ਅਤੇ ਮੁੱਖ...
ਆਪ ਦੇ ਕੌਮੀ ਕਨਵੀਨਰ ਅਰਵਿੰਦ ਕੇਜਰੀਵਾਲ ਅਤੇ ਮੁੱਖ ਮੰਤਰੀ ਨੇ ਪੰਜਾਬ ਵਿਚ ਨਵੀਆਂ ਯੋਜਨਾਵਾਂ ਦੀ ਸ਼ੁਰੂਆਤ ਕੀਤੀ। ਉਨ੍ਹਾਂ ਕਿਹਾ ਕਿ ਸਰਕਾਰ ਸਿੱਖਿਆ ਅਤੇ ਸਿਹਤ ਦੇ ਖੇਤਰ ਵਿਚ ਵੱਡੇ ਸੁਧਾਰ ਕਰ ਰਹੀ ਹੈ। ਆਉਣ ਵਾਲੇ ਸਮੇਂ ਵਿਚ ਹੋਰ ਮੁਹੱਲਾ ਕਲੀਨਿਕ ਖੋਲ੍ਹੇ ਜਾਣਗੇ ਅਤੇ ਸਰਕਾਰੀ ਸਕੂਲਾਂ ਨੂੰ ਆਧੁਨਿਕ ਬਣਾਇਆ ਜਾਵੇਗਾ। ਵਿਰੋਧੀ ਧਿਰਾਂ ਨੇ ਇਨ੍ਹਾਂ ਦਾਅਵਿਆਂ 'ਤੇ ਸਵਾਲ ਚੁੱਕੇ ਹਨ।
ਆਮ ਘਰਾਂ ਦੇ ਮੁੰਡਿਆਂ ਦੀ ਸਰਕਾਰੀ ...
ਮੁੱਖ ਮੰਤਰੀ ਨੇ ਕਿਹਾ ਕਿ ਇਹ ਸਰਕਾਰ ਆਮ ਘਰਾਂ ਦੇ ਮੁੰਡਿਆਂ ਦੀ ਸਰਕਾਰ ਹੈ ਜੋ ਲੋਕਾਂ ਦੇ ਦੁੱਖ-ਦਰਦ ਨੂੰ ਸਮਝਦੀ ਹੈ।
ਵਿੱਤ ਸਰਕਾਰਾਂ ਚਲਾਉਣ ਦਾ ਕੋਈ ਤਜਰਬਾ ਨਹੀਂ ਸੀ। ਇਸ ਵਿਧਾਨਸਭਾ ਨਾਲ ਸੂਬੇ ਦੀ ਆਰਥਿਕ ਹਾਲਤ ਹੋਰ ਵਿਗੜ ਗਈ ਹੈ। ਸਰਕਾਰ ਨੇ ਕਰਜ਼ੇ ਲੈ ਕੇ ਕੰਮ ਚਲਾਇਆ ਹੈ ਅਤੇ ਮੁਲਾਜ਼ਮਾਂ ਦੀਆਂ ਤਨਖ਼ਾਹਾਂ ਵੀ ਸਮੇਂ ਸਿਰ ਨਹੀਂ ਮਿਲ ਰਹੀਆਂ। ਵਿਰੋਧੀ ਧਿਰ ਦੇ ਆਗੂ ਨੇ ਕਿਹਾ ਕਿ ਸਰਕਾਰ ਨੂੰ ਲੋਕਾਂ ਨੂੰ ਜਵਾਬ ਦੇਣਾ ਪਵੇਗਾ। ਉਨ੍ਹਾਂ ਦੋਸ਼ ਲਾਇਆ ਕਿ ਇਸ਼ਤਿਹਾਰਾਂ 'ਤੇ ਕਰੋੜਾਂ ਰੁਪਏ ਖ਼ਰਚੇ ਜਾ ਰਹੇ ਹਨ ਜਦਕਿ ਵਿਕਾਸ ਦੇ ਕੰਮ ਠੱਪ ਪਏ ਹਨ। ਪੰਜਾਬ ਦੇ ਲੋਕ ਹੁਣ ਬਦਲਾਅ ਚਾਹੁੰਦੇ ਹਨ ਅਤੇ ਆਉਣ ਵਾਲੀਆਂ ਚੋਣਾਂ ਵਿਚ ਇਸ ਦਾ ਜਵਾਬ ਦੇਣਗੇ।
ਬਦਲਾਅ ਵਾਲੀ ਸਰਕਾਰ ਦੇ ...
ਵਾਇਰਲ ਵੀਡੀਓ ਵਿਚ ਦਿਖਾਇਆ ਗਿਆ ਹੈ ਕਿ ਸਰਕਾਰੀ ਦਫ਼ਤਰਾਂ ਵਿਚ ਲੋਕਾਂ ਦੇ ਕੰਮ ਸਮੇਂ ਸਿਰ ਨਹੀਂ ਹੋ ਰਹੇ। ਬਦਲਾਅ ਦੇ ਨਾਂ 'ਤੇ ਬਣੀ ਸਰਕਾਰ ਤੋਂ ਲੋਕਾਂ ਨੂੰ ਵੱਡੀਆਂ ਉਮੀਦਾਂ ਸਨ ਪਰ ਹੁਣ ਉਹ ਨਿਰਾਸ਼ ਹਨ। ਵਿਰੋਧੀ ਪਾਰਟੀਆਂ ਨੇ ਇਸ ਮੁੱਦੇ ਨੂੰ ਜ਼ੋਰ-ਸ਼ੋਰ ਨਾਲ ਚੁੱਕਿਆ ਹੈ ਅਤੇ ਸਰਕਾਰ ਤੋਂ ਜਵਾਬ ਮੰਗਿਆ ਹੈ। ਮਾਹਿਰਾਂ ਦਾ ਕਹਿਣਾ ਹੈ ਕਿ ਪ੍ਰਸ਼ਾਸਨਿਕ ਸੁਧਾਰਾਂ ਤੋਂ ਬਿਨਾਂ ਹਾਲਾਤ ਨਹੀਂ ਬਦਲ ਸਕਦੇ।
ਹੁਣ ਤਾਂ ਇਨ੍ਹਾਂ ਦਾ ਨਰਸਿੰਗ ਹੋਮ ...
ਸ਼ਹਿਰ ਦੇ ਇਕ ਨਿੱਜੀ ਨਰਸਿੰਗ ਹੋਮ ਵਿਚ ਵਾਪਰੀ ਘਟਨਾ ਨੇ ਸਿਹਤ ਸੇਵਾਵਾਂ 'ਤੇ ਸਵਾਲ ਖੜ੍ਹੇ ਕਰ ਦਿੱਤੇ ਹਨ। ਪੀੜਤ ਪਰਿਵਾਰ ਨੇ ਦੋਸ਼ ਲਾਇਆ ਕਿ ਡਾਕਟਰਾਂ ਦੀ ਲਾਪਰਵਾਹੀ ਕਾਰਨ ਮਰੀਜ਼ ਦੀ ਜਾਨ ਗਈ। ਸਿਹਤ ਵਿਭਾਗ ਨੇ ਮਾਮਲੇ ਦੀ ਜਾਂਚ ਦੇ ਹੁਕਮ ਦਿੱਤੇ ਹਨ ਅਤੇ ਨਰਸਿੰਗ ਹੋਮ ਦੇ ਰਿਕਾਰਡ ਕਬਜ਼ੇ ਵਿਚ ਲਏ ਹਨ।
ਕਰਵਾਚੌਥ ਤੇ ਸਿੱਖ...
ਗੁਰਮਤਿ ਅਨੁਸਾਰ ਵਰਤ ਰੱਖਣਾ ਅਤੇ ਅਜਿਹੀਆਂ ਰਸਮਾਂ ਨਿਭਾਉਣਾ ਸਿੱਖ ਸਿਧਾਂਤਾਂ ਦੇ ਉਲਟ ਹੈ। ਗੁਰੂ ਸਾਹਿਬਾਨ ਨੇ ਵਹਿਮਾਂ-ਭਰਮਾਂ ਦਾ ਖੰਡਨ ਕੀਤਾ ਅਤੇ ਇਸਤਰੀ ਨੂੰ ਬਰਾਬਰੀ ਦਾ ਦਰਜਾ ਦਿੱਤਾ। ਗੁਰਬਾਣੀ ਵਿਚ ਸਪੱਸ਼ਟ ਕਿਹਾ ਗਿਆ ਹੈ ਕਿ ਅੰਨ ਤਿਆਗਣ ਨਾਲ ਕੋਈ ਰੱਬੀ ਪ੍ਰਾਪਤੀ ਨਹੀਂ ਹੁੰਦੀ। ਸਿੱਖ ਪਰਿਵਾਰਾਂ ਨੂੰ ਚਾਹੀਦਾ ਹੈ ਕਿ ਉਹ ਗੁਰਮਤਿ ਦੇ ਅਸੂਲਾਂ 'ਤੇ ਚੱਲਣ ਅਤੇ ਆਪਣੇ ਬੱਚਿਆਂ ਨੂੰ ਵੀ ਸਿੱਖ ਇਤਿਹਾਸ ਅਤੇ ਸਿਧਾਂਤਾਂ ਤੋਂ ਜਾਣੂ ਕਰਵਾਉਣ। ਪੰਥਕ ਵਿਦਵਾਨਾਂ ਨੇ ਕਿਹਾ ਕਿ ਮੀਡੀਆ ਅਤੇ ਫਿਲਮਾਂ ਰਾਹੀਂ ਅਜਿਹੀਆਂ ਰਸਮਾਂ ਦਾ ਪ੍ਰਚਾਰ ਕੀਤਾ ਜਾ ਰਿਹਾ ਹੈ ਜਿਸ ਤੋਂ ਸੁਚੇਤ ਰਹਿਣ ਦੀ ਲੋੜ ਹੈ।
ਖ਼ਾਲਿਸਤਾਨ ਜ਼ਿੰਦਾਬਾਦ ਦੇ ਅਕਾਸ਼...
ਸ. ਨਿਰਮਲ ਸਿੰਘ, ਸ. ਗੁਰਮੀਤ ਸਿੰਘ, ਸ. ਹਰਜਿੰਦਰ ਸਿੰਘ, ਸ. ਕੁਲਵੰਤ ਸਿੰਘ, ਸ. ਜਸਵੀਰ ਸਿੰਘ, ਸ. ਬਲਦੇਵ ਸਿੰਘ ਅਤੇ ਹੋਰ ਆਗੂਆਂ ਨੇ ਸਮਾਗਮ ਵਿਚ ਸ਼ਮੂਲੀਅਤ ਕੀਤੀ ਅਤੇ ਕੌਮ ਦੇ ਸ਼ਹੀਦਾਂ ਨੂੰ ਸ਼ਰਧਾਂਜਲੀ ਭੇਟ ਕੀਤੀ।
ਅਕਾਲ ਤਖ਼ਤ ਸਾਹਿਬ ਅਤੇ...
ਅਕਾਲ ਤਖ਼ਤ ਸਾਹਿਬ ਸਿੱਖ ਕੌਮ ਦੀ ਸਰਵਉੱਚ ਸੰਸਥਾ ਹੈ ਅਤੇ ਇਸ ਦੇ ਹੁਕਮਨਾਮੇ ਹਰ ਸਿੱਖ ਲਈ ਮੰਨਣਯੋਗ ਹਨ। ਪੰਥਕ ਜਥੇਬੰਦੀਆਂ ਨੇ ਕਿਹਾ ਕਿ ਸੰਸਥਾ ਦੀ ਮਰਿਆਦਾ ਅਤੇ ਪ੍ਰਭੂਸੱਤਾ ਨੂੰ ਕਾਇਮ ਰੱਖਣਾ ਹਰ ਸਿੱਖ ਦਾ ਫ਼ਰਜ਼ ਹੈ। ਸਿਆਸੀ ਦਖ਼ਲਅੰਦਾਜ਼ੀ ਤੋਂ ਮੁਕਤ ਰੱਖ ਕੇ ਹੀ ਇਸ ਦੀ ਸ਼ਾਨ ਬਣਾਈ ਰੱਖੀ ਜਾ ਸਕਦੀ ਹੈ। ਸੰਗਤ ਨੂੰ ਅਪੀਲ ਕੀਤੀ ਗਈ ਕਿ ਉਹ ਏਕਤਾ ਬਣਾ ਕੇ ਰੱਖਣ ਅਤੇ ਪੰਥ ਵਿਰੋਧੀ ਤਾਕਤਾਂ ਦੀਆਂ ਚਾਲਾਂ ਤੋਂ ਸੁਚੇਤ ਰਹਿਣ।
Editor, Printer and Publisher Rishabdeep Singh, Printed at: Impression Printing & Packaging (Ltd.) Plot No. 22 Phase-2 industrial Area Panchkula (Haryana) 134109 & Published From 3223, First Floor, Sector-35D, Chandigarh
